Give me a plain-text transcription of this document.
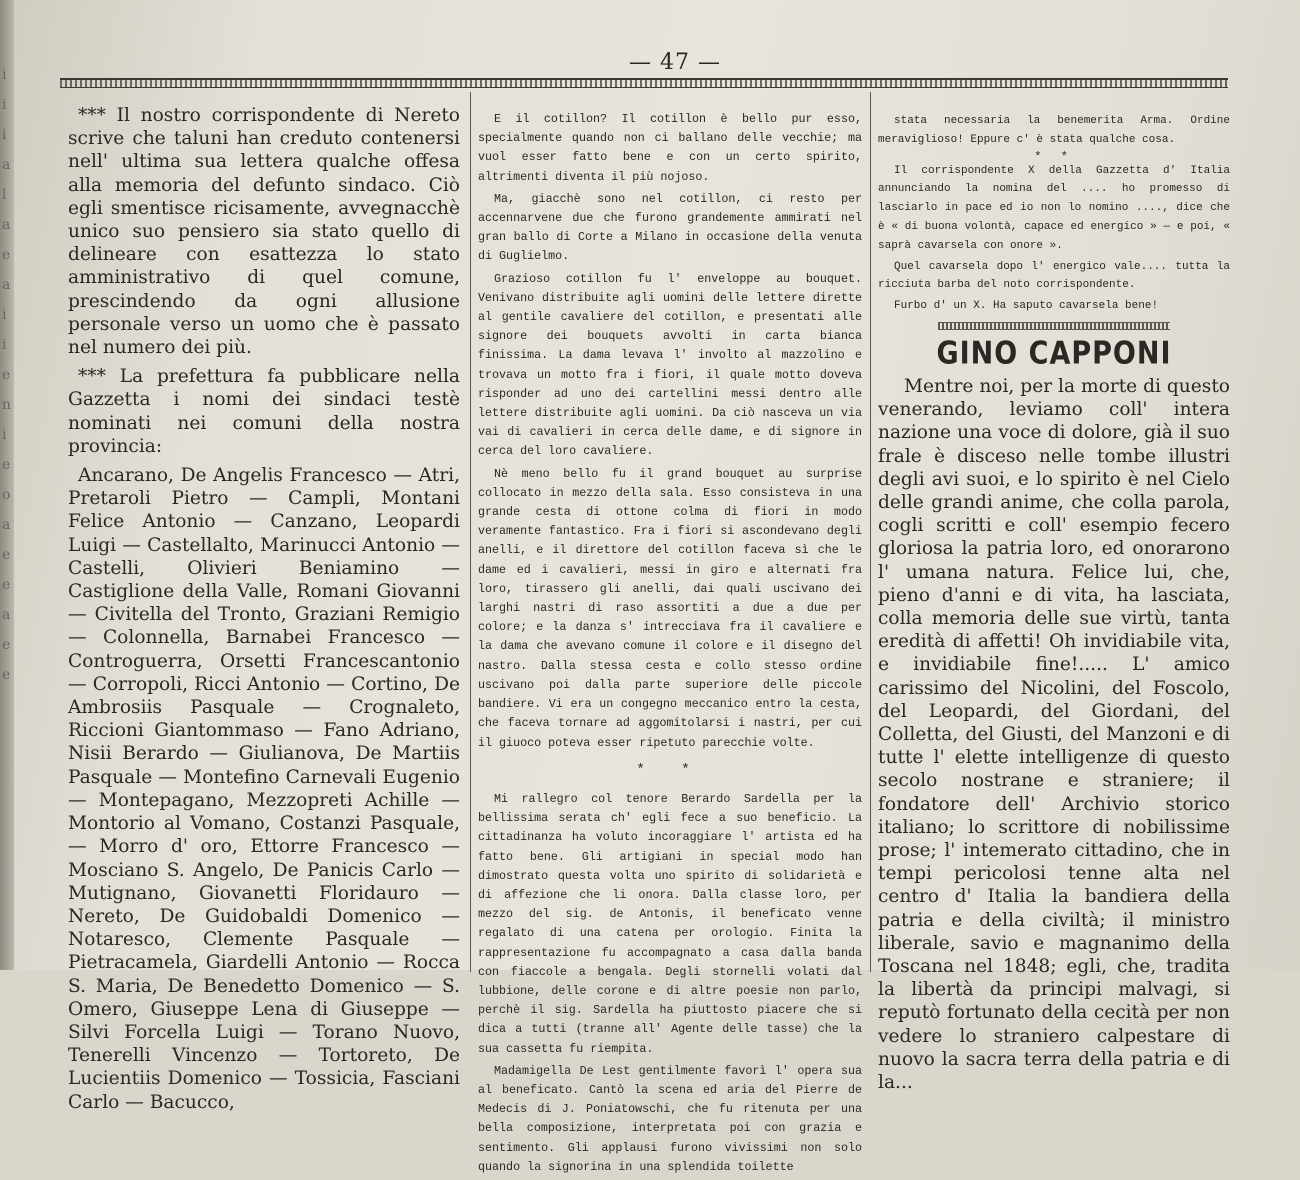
i
i
i
a
l
a
e
a
i
i
e
n
i
e
o
a
e
e
a
e
e
— 47 —

*** Il nostro corrispondente di Nereto scrive che taluni han creduto contenersi nell' ultima sua lettera qualche offesa alla memoria del defunto sindaco. Ciò egli smentisce ricisamente, avvegnacchè unico suo pensiero sia stato quello di delineare con esattezza lo stato amministrativo di quel comune, prescindendo da ogni allusione personale verso un uomo che è passato nel numero dei più.

*** La prefettura fa pubblicare nella Gazzetta i nomi dei sindaci testè nominati nei comuni della nostra provincia:

Ancarano, De Angelis Francesco — Atri, Pretaroli Pietro — Campli, Montani Felice Antonio — Canzano, Leopardi Luigi — Castellalto, Marinucci Antonio — Castelli, Olivieri Beniamino — Castiglione della Valle, Romani Giovanni — Civitella del Tronto, Graziani Remigio — Colonnella, Barnabei Francesco — Controguerra, Orsetti Francescantonio — Corropoli, Ricci Antonio — Cortino, De Ambrosiis Pasquale — Crognaleto, Riccioni Giantommaso — Fano Adriano, Nisii Berardo — Giulianova, De Martiis Pasquale — Montefino Carnevali Eugenio — Montepagano, Mezzopreti Achille — Montorio al Vomano, Costanzi Pasquale, — Morro d' oro, Ettorre Francesco — Mosciano S. Angelo, De Panicis Carlo — Mutignano, Giovanetti Floridauro — Nereto, De Guidobaldi Domenico — Notaresco, Clemente Pasquale — Pietracamela, Giardelli Antonio — Rocca S. Maria, De Benedetto Domenico — S. Omero, Giuseppe Lena di Giuseppe — Silvi Forcella Luigi — Torano Nuovo, Tenerelli Vincenzo — Tortoreto, De Lucientiis Domenico — Tossicia, Fasciani Carlo — Bacucco,

E il cotillon? Il cotillon è bello pur esso, specialmente quando non ci ballano delle vecchie; ma vuol esser fatto bene e con un certo spirito, altrimenti diventa il più nojoso.

Ma, giacchè sono nel cotillon, ci resto per accennarvene due che furono grandemente ammirati nel gran ballo di Corte a Milano in occasione della venuta di Guglielmo.

Grazioso cotillon fu l' enveloppe au bouquet. Venivano distribuite agli uomini delle lettere dirette al gentile cavaliere del cotillon, e presentati alle signore dei bouquets avvolti in carta bianca finissima. La dama levava l' involto al mazzolino e trovava un motto fra i fiori, il quale motto doveva risponder ad uno dei cartellini messi dentro alle lettere distribuite agli uomini. Da ciò nasceva un via vai di cavalieri in cerca delle dame, e di signore in cerca del loro cavaliere.

Nè meno bello fu il grand bouquet au surprise collocato in mezzo della sala. Esso consisteva in una grande cesta di ottone colma di fiori in modo veramente fantastico. Fra i fiori si ascondevano degli anelli, e il direttore del cotillon faceva sì che le dame ed i cavalieri, messi in giro e alternati fra loro, tirassero gli anelli, dai quali uscivano dei larghi nastri di raso assortiti a due a due per colore; e la danza s' intrecciava fra il cavaliere e la dama che avevano comune il colore e il disegno del nastro. Dalla stessa cesta e collo stesso ordine uscivano poi dalla parte superiore delle piccole bandiere. Vi era un congegno meccanico entro la cesta, che faceva tornare ad aggomitolarsi i nastri, per cui il giuoco poteva esser ripetuto parecchie volte.

* *

Mi rallegro col tenore Berardo Sardella per la bellissima serata ch' egli fece a suo beneficio. La cittadinanza ha voluto incoraggiare l' artista ed ha fatto bene. Gli artigiani in special modo han dimostrato questa volta uno spirito di solidarietà e di affezione che li onora. Dalla classe loro, per mezzo del sig. de Antonis, il beneficato venne regalato di una catena per orologio. Finita la rappresentazione fu accompagnato a casa dalla banda con fiaccole a bengala. Degli stornelli volati dal lubbione, delle corone e di altre poesie non parlo, perchè il sig. Sardella ha piuttosto piacere che si dica a tutti (tranne all' Agente delle tasse) che la sua cassetta fu riempita.

Madamigella De Lest gentilmente favorì l' opera sua al beneficato. Cantò la scena ed aria del Pierre de Medecis di J. Poniatowschi, che fu ritenuta per una bella composizione, interpretata poi con grazia e sentimento. Gli applausi furono vivissimi non solo quando la signorina in una splendida toilette

stata necessaria la benemerita Arma. Ordine meraviglioso! Eppure c' è stata qualche cosa.

* *

Il corrispondente X della Gazzetta d' Italia annunciando la nomina del .... ho promesso di lasciarlo in pace ed io non lo nomino ...., dice che è « di buona volontà, capace ed energico » — e poi, « saprà cavarsela con onore ».

Quel cavarsela dopo l' energico vale.... tutta la ricciuta barba del noto corrispondente.

Furbo d' un X. Ha saputo cavarsela bene!

GINO CAPPONI

Mentre noi, per la morte di questo venerando, leviamo coll' intera nazione una voce di dolore, già il suo frale è disceso nelle tombe illustri degli avi suoi, e lo spirito è nel Cielo delle grandi anime, che colla parola, cogli scritti e coll' esempio fecero gloriosa la patria loro, ed onorarono l' umana natura. Felice lui, che, pieno d'anni e di vita, ha lasciata, colla memoria delle sue virtù, tanta eredità di affetti! Oh invidiabile vita, e invidiabile fine!..... L' amico carissimo del Nicolini, del Foscolo, del Leopardi, del Giordani, del Colletta, del Giusti, del Manzoni e di tutte l' elette intelligenze di questo secolo nostrane e straniere; il fondatore dell' Archivio storico italiano; lo scrittore di nobilissime prose; l' intemerato cittadino, che in tempi pericolosi tenne alta nel centro d' Italia la bandiera della patria e della civiltà; il ministro liberale, savio e magnanimo della Toscana nel 1848; egli, che, tradita la libertà da principi malvagi, si reputò fortunato della cecità per non vedere lo straniero calpestare di nuovo la sacra terra della patria e di la...
